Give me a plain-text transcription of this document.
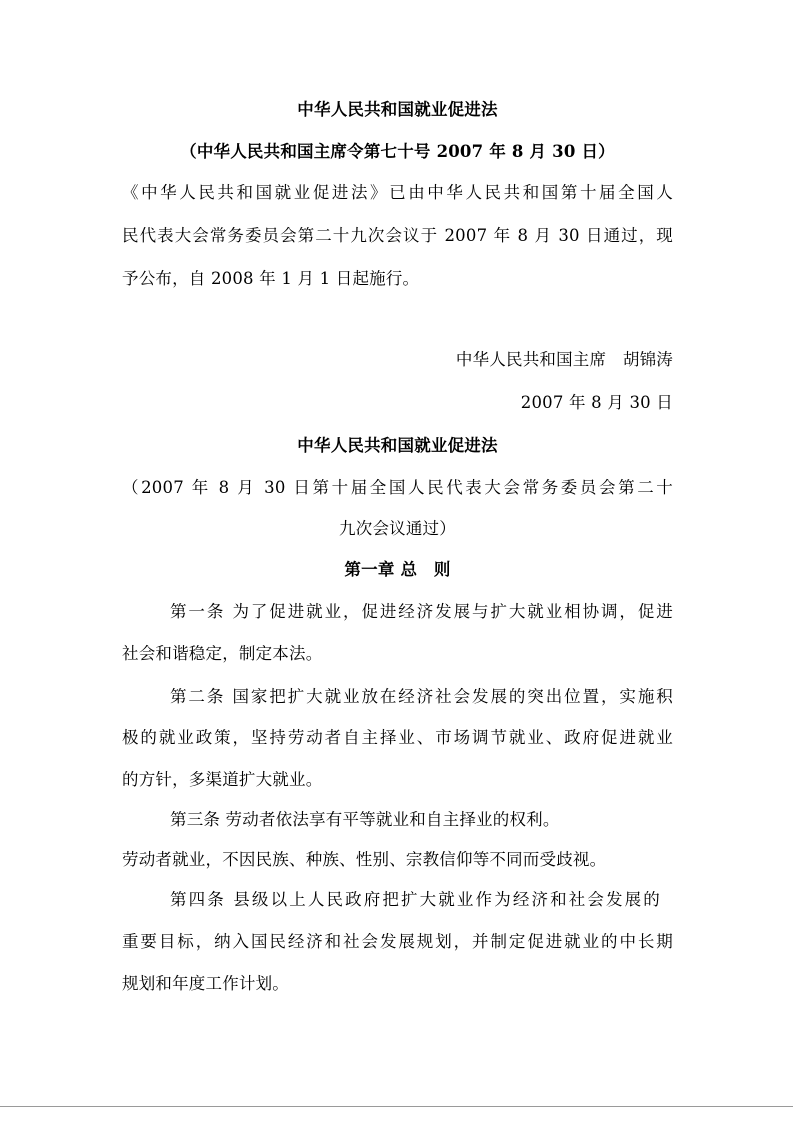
中华人民共和国就业促进法
（中华人民共和国主席令第七十号 2007 年 8 月 30 日）
《中华人民共和国就业促进法》已由中华人民共和国第十届全国人
民代表大会常务委员会第二十九次会议于 2007 年 8 月 30 日通过，现
予公布，自 2008 年 1 月 1 日起施行。
中华人民共和国主席　胡锦涛
2007 年 8 月 30 日
中华人民共和国就业促进法
（2007 年 8 月 30 日第十届全国人民代表大会常务委员会第二十
九次会议通过）
第一章 总　则
第一条 为了促进就业，促进经济发展与扩大就业相协调，促进
社会和谐稳定，制定本法。
第二条 国家把扩大就业放在经济社会发展的突出位置，实施积
极的就业政策，坚持劳动者自主择业、市场调节就业、政府促进就业
的方针，多渠道扩大就业。
第三条 劳动者依法享有平等就业和自主择业的权利。
劳动者就业，不因民族、种族、性别、宗教信仰等不同而受歧视。
第四条 县级以上人民政府把扩大就业作为经济和社会发展的
重要目标，纳入国民经济和社会发展规划，并制定促进就业的中长期
规划和年度工作计划。
